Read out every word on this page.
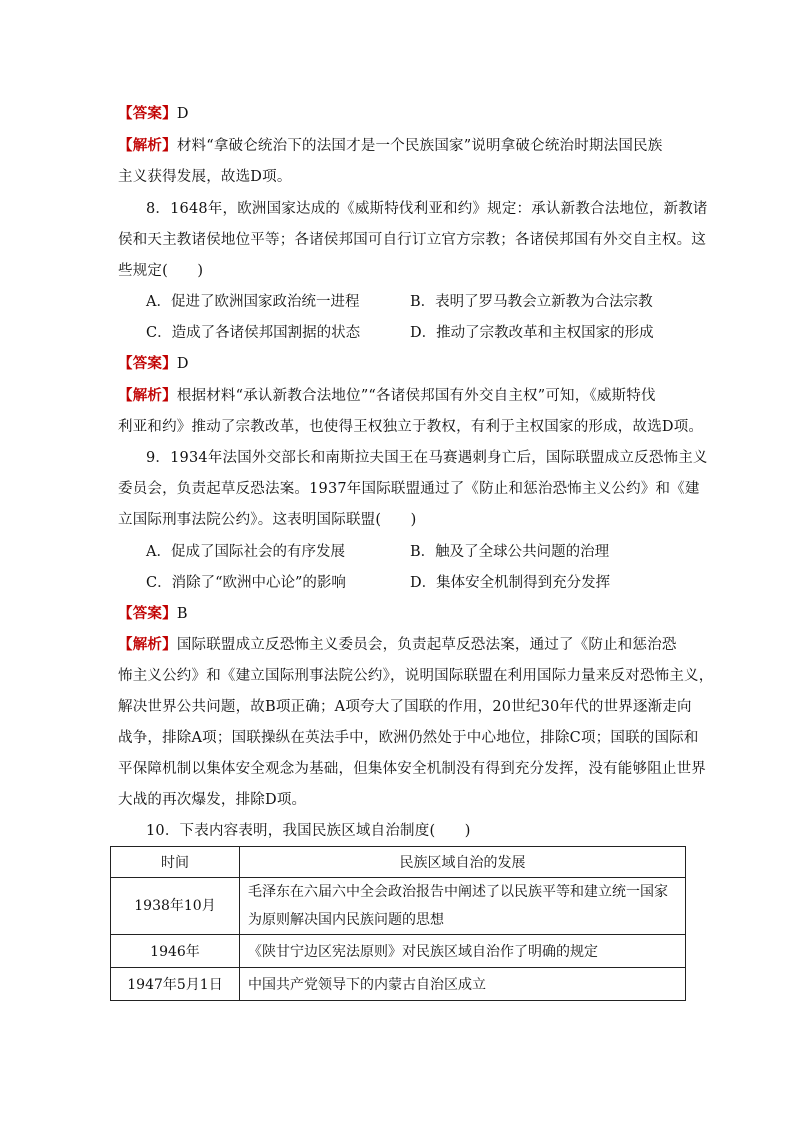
【答案】D
【解析】材料“拿破仑统治下的法国才是一个民族国家”说明拿破仑统治时期法国民族
主义获得发展，故选D项。
8．1648年，欧洲国家达成的《威斯特伐利亚和约》规定：承认新教合法地位，新教诸
侯和天主教诸侯地位平等；各诸侯邦国可自行订立官方宗教；各诸侯邦国有外交自主权。这
些规定(　　)
A．促进了欧洲国家政治统一进程	B．表明了罗马教会立新教为合法宗教
C．造成了各诸侯邦国割据的状态	D．推动了宗教改革和主权国家的形成
【答案】D
【解析】根据材料“承认新教合法地位”“各诸侯邦国有外交自主权”可知，《威斯特伐
利亚和约》推动了宗教改革，也使得王权独立于教权，有利于主权国家的形成，故选D项。
9．1934年法国外交部长和南斯拉夫国王在马赛遇刺身亡后，国际联盟成立反恐怖主义
委员会，负责起草反恐法案。1937年国际联盟通过了《防止和惩治恐怖主义公约》和《建
立国际刑事法院公约》。这表明国际联盟(　　)
A．促成了国际社会的有序发展	B．触及了全球公共问题的治理
C．消除了“欧洲中心论”的影响	D．集体安全机制得到充分发挥
【答案】B
【解析】国际联盟成立反恐怖主义委员会，负责起草反恐法案，通过了《防止和惩治恐
怖主义公约》和《建立国际刑事法院公约》，说明国际联盟在利用国际力量来反对恐怖主义，
解决世界公共问题，故B项正确；A项夸大了国联的作用，20世纪30年代的世界逐渐走向
战争，排除A项；国联操纵在英法手中，欧洲仍然处于中心地位，排除C项；国联的国际和
平保障机制以集体安全观念为基础，但集体安全机制没有得到充分发挥，没有能够阻止世界
大战的再次爆发，排除D项。
10．下表内容表明，我国民族区域自治制度(　　)
时间	民族区域自治的发展
1938年10月	毛泽东在六届六中全会政治报告中阐述了以民族平等和建立统一国家为原则解决国内民族问题的思想
1946年	《陕甘宁边区宪法原则》对民族区域自治作了明确的规定
1947年5月1日	中国共产党领导下的内蒙古自治区成立
